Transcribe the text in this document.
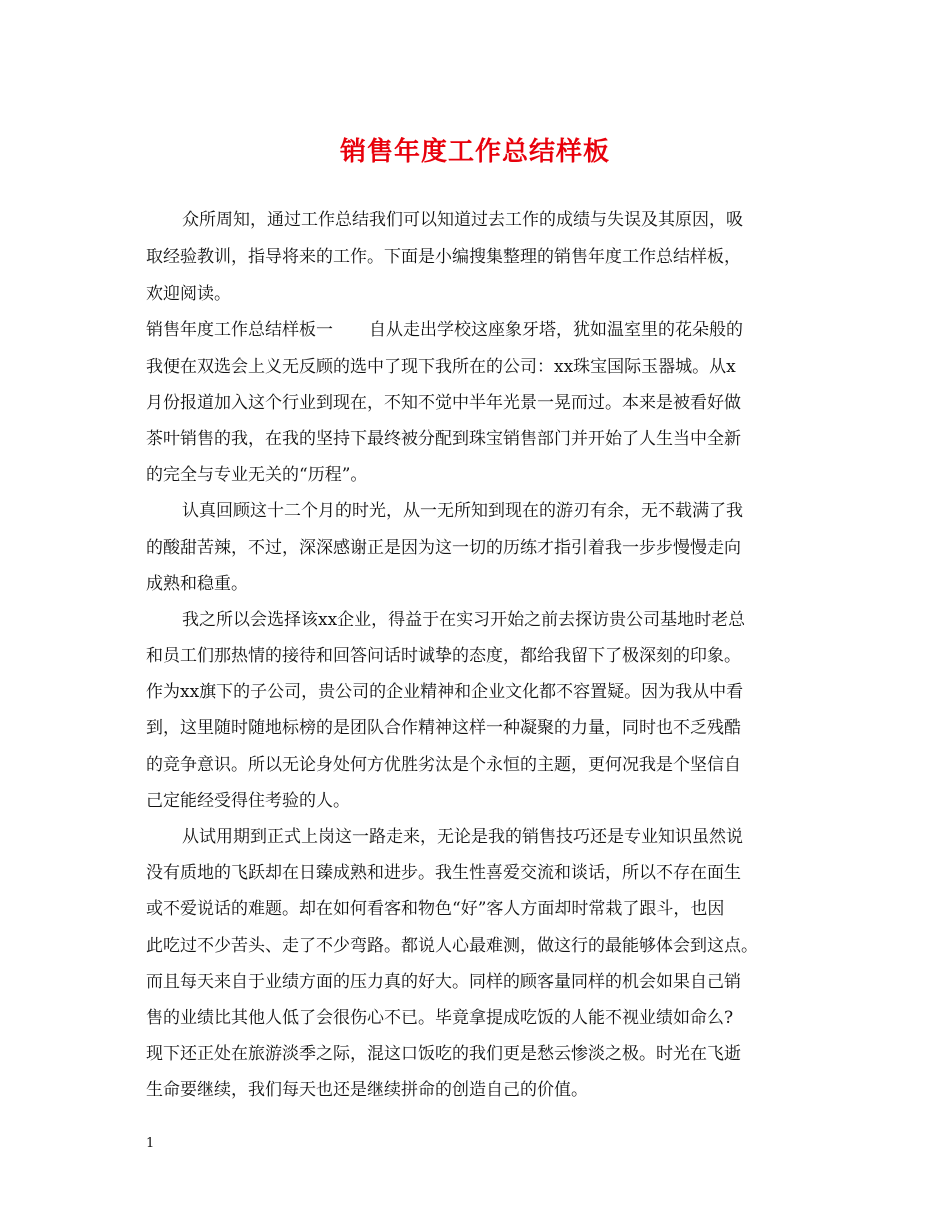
销售年度工作总结样板
众所周知，通过工作总结我们可以知道过去工作的成绩与失误及其原因，吸
取经验教训，指导将来的工作。下面是小编搜集整理的销售年度工作总结样板，
欢迎阅读。
销售年度工作总结样板一 自从走出学校这座象牙塔，犹如温室里的花朵般的
我便在双选会上义无反顾的选中了现下我所在的公司：xx珠宝国际玉器城。从x
月份报道加入这个行业到现在，不知不觉中半年光景一晃而过。本来是被看好做
茶叶销售的我，在我的坚持下最终被分配到珠宝销售部门并开始了人生当中全新
的完全与专业无关的“历程”。
认真回顾这十二个月的时光，从一无所知到现在的游刃有余，无不载满了我
的酸甜苦辣，不过，深深感谢正是因为这一切的历练才指引着我一步步慢慢走向
成熟和稳重。
我之所以会选择该xx企业，得益于在实习开始之前去探访贵公司基地时老总
和员工们那热情的接待和回答问话时诚挚的态度，都给我留下了极深刻的印象。
作为xx旗下的子公司，贵公司的企业精神和企业文化都不容置疑。因为我从中看
到，这里随时随地标榜的是团队合作精神这样一种凝聚的力量，同时也不乏残酷
的竞争意识。所以无论身处何方优胜劣汰是个永恒的主题，更何况我是个坚信自
己定能经受得住考验的人。
从试用期到正式上岗这一路走来，无论是我的销售技巧还是专业知识虽然说
没有质地的飞跃却在日臻成熟和进步。我生性喜爱交流和谈话，所以不存在面生
或不爱说话的难题。却在如何看客和物色“好”客人方面却时常栽了跟斗，也因
此吃过不少苦头、走了不少弯路。都说人心最难测，做这行的最能够体会到这点。
而且每天来自于业绩方面的压力真的好大。同样的顾客量同样的机会如果自己销
售的业绩比其他人低了会很伤心不已。毕竟拿提成吃饭的人能不视业绩如命么?
现下还正处在旅游淡季之际，混这口饭吃的我们更是愁云惨淡之极。时光在飞逝
生命要继续，我们每天也还是继续拼命的创造自己的价值。
1
